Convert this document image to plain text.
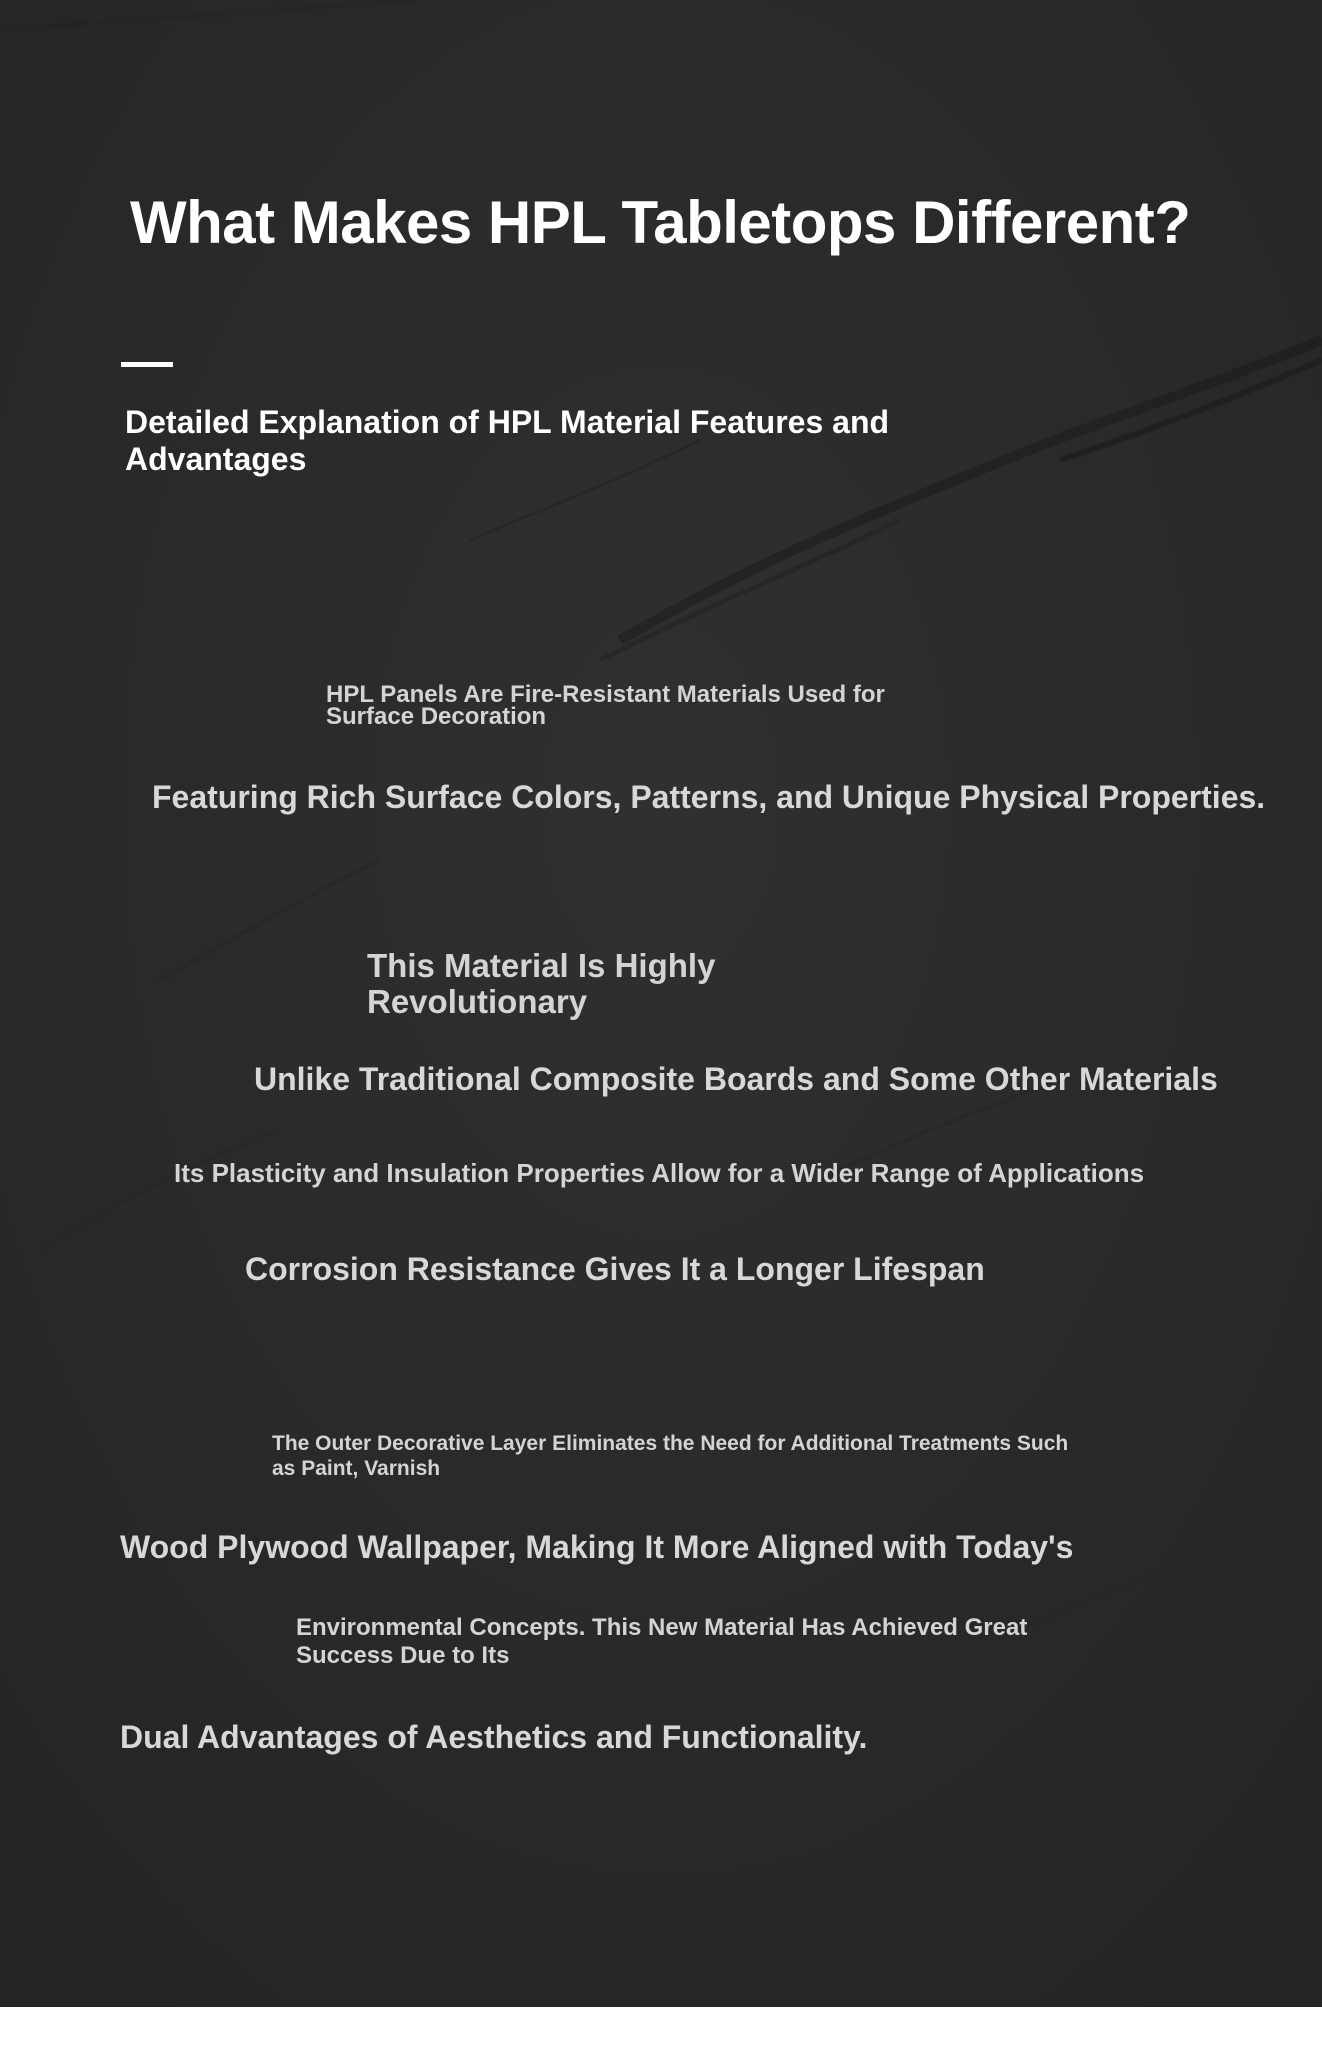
What Makes HPL Tabletops Different?
Detailed Explanation of HPL Material Features and Advantages

HPL Panels Are Fire-Resistant Materials Used for Surface Decoration

Featuring Rich Surface Colors, Patterns, and Unique Physical Properties.

This Material Is Highly Revolutionary

Unlike Traditional Composite Boards and Some Other Materials

Its Plasticity and Insulation Properties Allow for a Wider Range of Applications

Corrosion Resistance Gives It a Longer Lifespan

The Outer Decorative Layer Eliminates the Need for Additional Treatments Such as Paint, Varnish

Wood Plywood Wallpaper, Making It More Aligned with Today's

Environmental Concepts. This New Material Has Achieved Great Success Due to Its

Dual Advantages of Aesthetics and Functionality.
